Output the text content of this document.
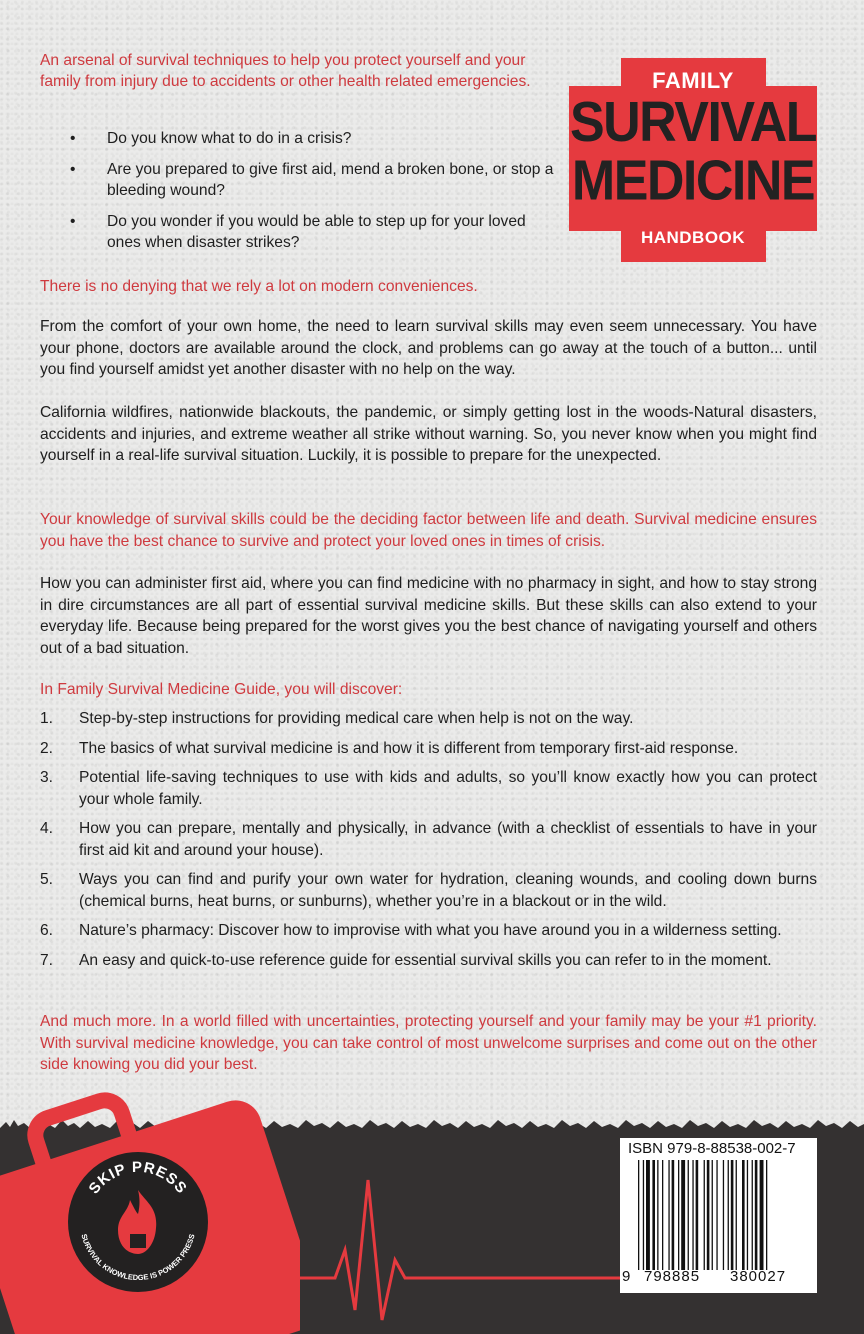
An arsenal of survival techniques to help you protect yourself and your family from injury due to accidents or other health related emergencies.

• Do you know what to do in a crisis?
• Are you prepared to give first aid, mend a broken bone, or stop a bleeding wound?
• Do you wonder if you would be able to step up for your loved ones when disaster strikes?
FAMILY
SURVIVAL
MEDICINE
HANDBOOK

There is no denying that we rely a lot on modern conveniences.

From the comfort of your own home, the need to learn survival skills may even seem unnecessary. You have your phone, doctors are available around the clock, and problems can go away at the touch of a button... until you find yourself amidst yet another disaster with no help on the way.

California wildfires, nationwide blackouts, the pandemic, or simply getting lost in the woods-Natural disasters, accidents and injuries, and extreme weather all strike without warning. So, you never know when you might find yourself in a real-life survival situation. Luckily, it is possible to prepare for the unexpected.

Your knowledge of survival skills could be the deciding factor between life and death. Survival medicine ensures you have the best chance to survive and protect your loved ones in times of crisis.

How you can administer first aid, where you can find medicine with no pharmacy in sight, and how to stay strong in dire circumstances are all part of essential survival medicine skills. But these skills can also extend to your everyday life. Because being prepared for the worst gives you the best chance of navigating yourself and others out of a bad situation.

In Family Survival Medicine Guide, you will discover:

1. Step-by-step instructions for providing medical care when help is not on the way.
2. The basics of what survival medicine is and how it is different from temporary first-aid response.
3. Potential life-saving techniques to use with kids and adults, so you’ll know exactly how you can protect your whole family.
4. How you can prepare, mentally and physically, in advance (with a checklist of essentials to have in your first aid kit and around your house).
5. Ways you can find and purify your own water for hydration, cleaning wounds, and cooling down burns (chemical burns, heat burns, or sunburns), whether you’re in a blackout or in the wild.
6. Nature’s pharmacy: Discover how to improvise with what you have around you in a wilderness setting.
7. An easy and quick-to-use reference guide for essential survival skills you can refer to in the moment.

And much more. In a world filled with uncertainties, protecting yourself and your family may be your #1 priority. With survival medicine knowledge, you can take control of most unwelcome surprises and come out on the other side knowing you did your best.

SKIP PRESS
SURVIVAL KNOWLEDGE IS POWER PRESS
ISBN 979-8-88538-002-7
9 798885 380027
